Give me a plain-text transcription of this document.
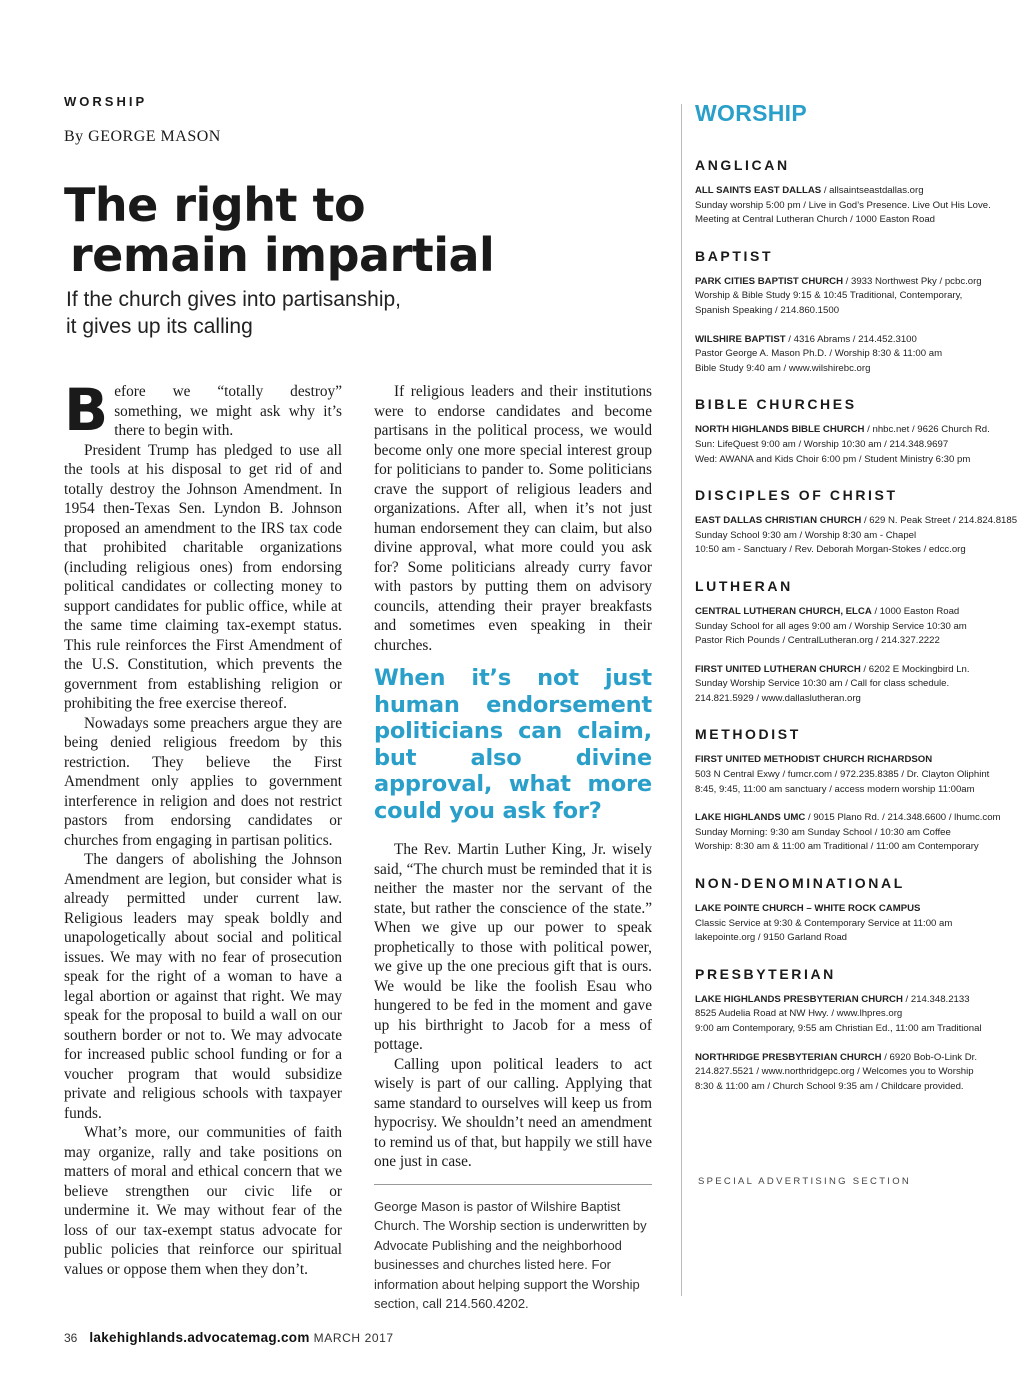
WORSHIP
By GEORGE MASON
The right to
remain impartial
If the church gives into partisanship,
it gives up its calling

Before we “totally destroy” something, we might ask why it’s there to begin with.

President Trump has pledged to use all the tools at his disposal to get rid of and totally destroy the Johnson Amendment. In 1954 then-Texas Sen. Lyndon B. Johnson proposed an amendment to the IRS tax code that prohibited charitable organizations (including religious ones) from endorsing political candidates or collecting money to support candidates for public office, while at the same time claiming tax-exempt status. This rule reinforces the First Amendment of the U.S. Constitution, which prevents the government from establishing religion or prohibiting the free exercise thereof.

Nowadays some preachers argue they are being denied religious freedom by this restriction. They believe the First Amendment only applies to government interference in religion and does not restrict pastors from endorsing candidates or churches from engaging in partisan politics.

The dangers of abolishing the Johnson Amendment are legion, but consider what is already permitted under current law. Religious leaders may speak boldly and unapologetically about social and political issues. We may with no fear of prosecution speak for the right of a woman to have a legal abortion or against that right. We may speak for the proposal to build a wall on our southern border or not to. We may advocate for increased public school funding or for a voucher program that would subsidize private and religious schools with taxpayer funds.

What’s more, our communities of faith may organize, rally and take positions on matters of moral and ethical concern that we believe strengthen our civic life or undermine it. We may without fear of the loss of our tax-exempt status advocate for public policies that reinforce our spiritual values or oppose them when they don’t.

If religious leaders and their institutions were to endorse candidates and become partisans in the political process, we would become only one more special interest group for politicians to pander to. Some politicians crave the support of religious leaders and organizations. After all, when it’s not just human endorsement they can claim, but also divine approval, what more could you ask for? Some politicians already curry favor with pastors by putting them on advisory councils, attending their prayer breakfasts and sometimes even speaking in their churches.

When it’s not just human endorsement politicians can claim, but also divine approval, what more could you ask for?

The Rev. Martin Luther King, Jr. wisely said, “The church must be reminded that it is neither the master nor the servant of the state, but rather the conscience of the state.” When we give up our power to speak prophetically to those with political power, we give up the one precious gift that is ours. We would be like the foolish Esau who hungered to be fed in the moment and gave up his birthright to Jacob for a mess of pottage.

Calling upon political leaders to act wisely is part of our calling. Applying that same standard to ourselves will keep us from hypocrisy. We shouldn’t need an amendment to remind us of that, but happily we still have one just in case.

George Mason is pastor of Wilshire Baptist Church. The Worship section is underwritten by Advocate Publishing and the neighborhood businesses and churches listed here. For information about helping support the Worship section, call 214.560.4202.
WORSHIP
ANGLICAN
ALL SAINTS EAST DALLAS / allsaintseastdallas.org
Sunday worship 5:00 pm / Live in God’s Presence. Live Out His Love.
Meeting at Central Lutheran Church / 1000 Easton Road
BAPTIST
PARK CITIES BAPTIST CHURCH / 3933 Northwest Pky / pcbc.org
Worship & Bible Study 9:15 & 10:45 Traditional, Contemporary,
Spanish Speaking / 214.860.1500
WILSHIRE BAPTIST / 4316 Abrams / 214.452.3100
Pastor George A. Mason Ph.D. / Worship 8:30 & 11:00 am
Bible Study 9:40 am / www.wilshirebc.org
BIBLE CHURCHES
NORTH HIGHLANDS BIBLE CHURCH / nhbc.net / 9626 Church Rd.
Sun: LifeQuest 9:00 am / Worship 10:30 am / 214.348.9697
Wed: AWANA and Kids Choir 6:00 pm / Student Ministry 6:30 pm
DISCIPLES OF CHRIST
EAST DALLAS CHRISTIAN CHURCH / 629 N. Peak Street / 214.824.8185
Sunday School 9:30 am / Worship 8:30 am - Chapel
10:50 am - Sanctuary / Rev. Deborah Morgan-Stokes / edcc.org
LUTHERAN
CENTRAL LUTHERAN CHURCH, ELCA / 1000 Easton Road
Sunday School for all ages 9:00 am / Worship Service 10:30 am
Pastor Rich Pounds / CentralLutheran.org / 214.327.2222
FIRST UNITED LUTHERAN CHURCH / 6202 E Mockingbird Ln.
Sunday Worship Service 10:30 am / Call for class schedule.
214.821.5929 / www.dallaslutheran.org
METHODIST
FIRST UNITED METHODIST CHURCH RICHARDSON
503 N Central Exwy / fumcr.com / 972.235.8385 / Dr. Clayton Oliphint
8:45, 9:45, 11:00 am sanctuary / access modern worship 11:00am
LAKE HIGHLANDS UMC / 9015 Plano Rd. / 214.348.6600 / lhumc.com
Sunday Morning: 9:30 am Sunday School / 10:30 am Coffee
Worship: 8:30 am & 11:00 am Traditional / 11:00 am Contemporary
NON-DENOMINATIONAL
LAKE POINTE CHURCH – WHITE ROCK CAMPUS
Classic Service at 9:30 & Contemporary Service at 11:00 am
lakepointe.org / 9150 Garland Road
PRESBYTERIAN
LAKE HIGHLANDS PRESBYTERIAN CHURCH / 214.348.2133
8525 Audelia Road at NW Hwy. / www.lhpres.org
9:00 am Contemporary, 9:55 am Christian Ed., 11:00 am Traditional
NORTHRIDGE PRESBYTERIAN CHURCH / 6920 Bob-O-Link Dr.
214.827.5521 / www.northridgepc.org / Welcomes you to Worship
8:30 & 11:00 am / Church School 9:35 am / Childcare provided.
SPECIAL ADVERTISING SECTION
36 lakehighlands.advocatemag.com MARCH 2017
